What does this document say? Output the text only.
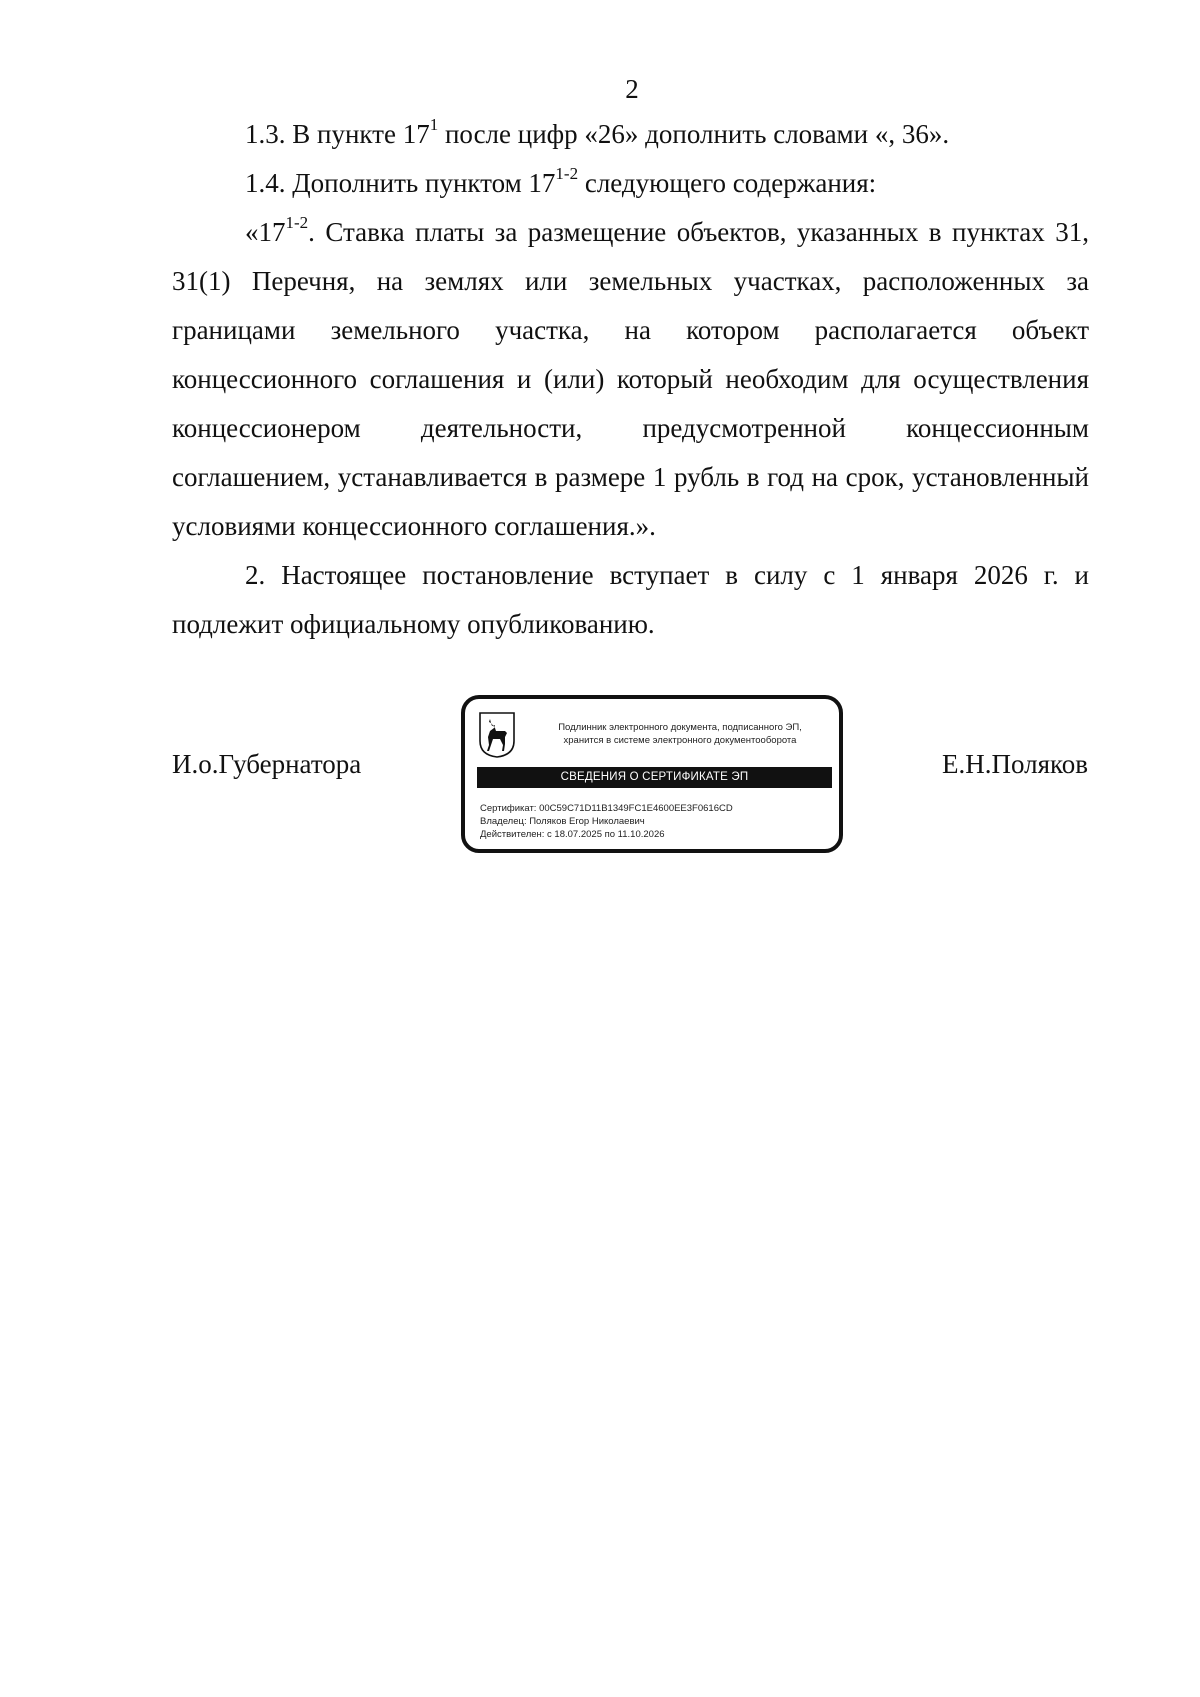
2

1.3. В пункте $17^1$ после цифр «26» дополнить словами «, 36».

1.4. Дополнить пунктом 17$^{1-2}$ следующего содержания:

«17$^{1-2}$. Ставка платы за размещение объектов, указанных в пунктах 31, 31(1) Перечня, на землях или земельных участках, расположенных за границами земельного участка, на котором располагается объект концессионного соглашения и (или) который необходим для осуществления концессионером деятельности, предусмотренной концессионным соглашением, устанавливается в размере 1 рубль в год на срок, установленный условиями концессионного соглашения.».

2. Настоящее постановление вступает в силу с 1 января 2026 г. и подлежит официальному опубликованию.

И.о.Губернатора
Подлинник электронного документа, подписанного ЭП,
хранится в системе электронного документооборота
СВЕДЕНИЯ О СЕРТИФИКАТЕ ЭП
Сертификат: 00C59C71D11B1349FC1E4600EE3F0616CD
Владелец: Поляков Егор Николаевич
Действителен: с 18.07.2025 по 11.10.2026
Е.Н.Поляков
